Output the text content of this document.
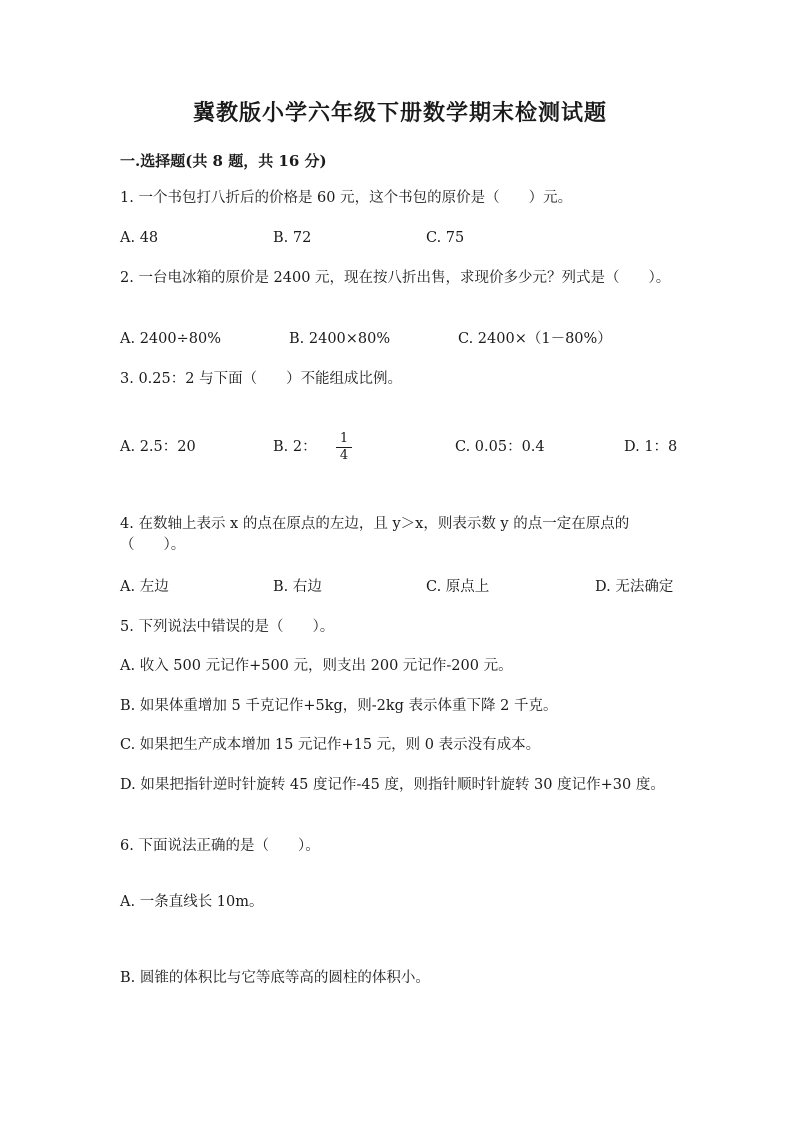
冀教版小学六年级下册数学期末检测试题
一.选择题(共 8 题，共 16 分)
1. 一个书包打八折后的价格是 60 元，这个书包的原价是（　　）元。
A. 48	B. 72	C. 75
2. 一台电冰箱的原价是 2400 元，现在按八折出售，求现价多少元？列式是（　　）。
A. 2400÷80%	B. 2400×80%	C. 2400×（1－80%）
3. 0.25：2 与下面（　　）不能组成比例。
A. 2.5：20	B. 2：
1
4
C. 0.05：0.4	D. 1：8
4. 在数轴上表示 x 的点在原点的左边，且 y＞x，则表示数 y 的点一定在原点的（　　）。
A. 左边	B. 右边	C. 原点上	D. 无法确定
5. 下列说法中错误的是（　　）。
A. 收入 500 元记作+500 元，则支出 200 元记作-200 元。
B. 如果体重增加 5 千克记作+5kg，则-2kg 表示体重下降 2 千克。
C. 如果把生产成本增加 15 元记作+15 元，则 0 表示没有成本。
D. 如果把指针逆时针旋转 45 度记作-45 度，则指针顺时针旋转 30 度记作+30 度。
6. 下面说法正确的是（　　）。
A. 一条直线长 10m。
B. 圆锥的体积比与它等底等高的圆柱的体积小。
